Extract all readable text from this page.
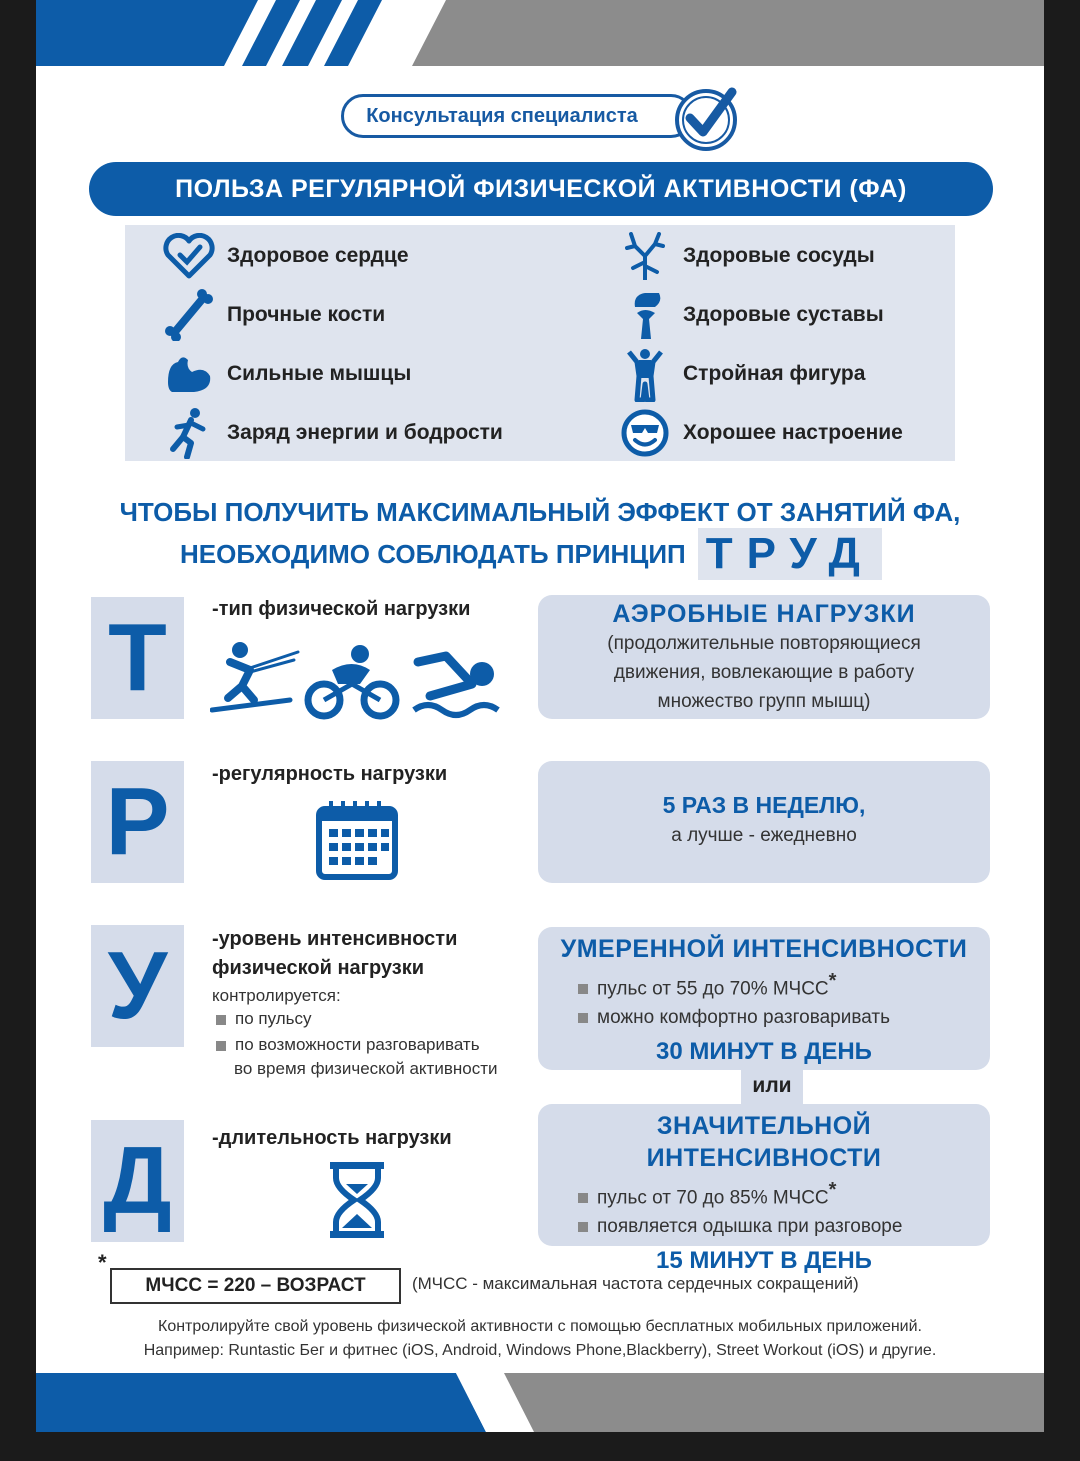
Консультация специалиста
ПОЛЬЗА РЕГУЛЯРНОЙ ФИЗИЧЕСКОЙ АКТИВНОСТИ (ФА)
Здоровое сердце
Прочные кости
Сильные мышцы
Заряд энергии и бодрости
Здоровые сосуды
Здоровые суставы
Стройная фигура
Хорошее настроение
ЧТОБЫ ПОЛУЧИТЬ МАКСИМАЛЬНЫЙ ЭФФЕКТ ОТ ЗАНЯТИЙ ФА,
НЕОБХОДИМО СОБЛЮДАТЬ ПРИНЦИП ТРУД
Т	-тип физической нагрузки	АЭРОБНЫЕ НАГРУЗКИ
(продолжительные повторяющиеся
движения, вовлекающие в работу
множество групп мышц)
Р	-регулярность нагрузки
5 РАЗ В НЕДЕЛЮ,
а лучше - ежедневно
У	-уровень интенсивности
физической нагрузки
контролируется:
по пульсу
по возможности разговаривать
во время физической активности
УМЕРЕННОЙ ИНТЕНСИВНОСТИ
пульс от 55 до 70% МЧСС*
можно комфортно разговаривать
30 МИНУТ В ДЕНЬ
или
Д	-длительность нагрузки	ЗНАЧИТЕЛЬНОЙ ИНТЕНСИВНОСТИ
пульс от 70 до 85% МЧСС*
появляется одышка при разговоре
15 МИНУТ В ДЕНЬ
*
МЧСС = 220 – ВОЗРАСТ	(МЧСС - максимальная частота сердечных сокращений)
Контролируйте свой уровень физической активности с помощью бесплатных мобильных приложений.
Например: Runtastic Бег и фитнес (iOS, Android, Windows Phone,Blackberry), Street Workout (iOS) и другие.
